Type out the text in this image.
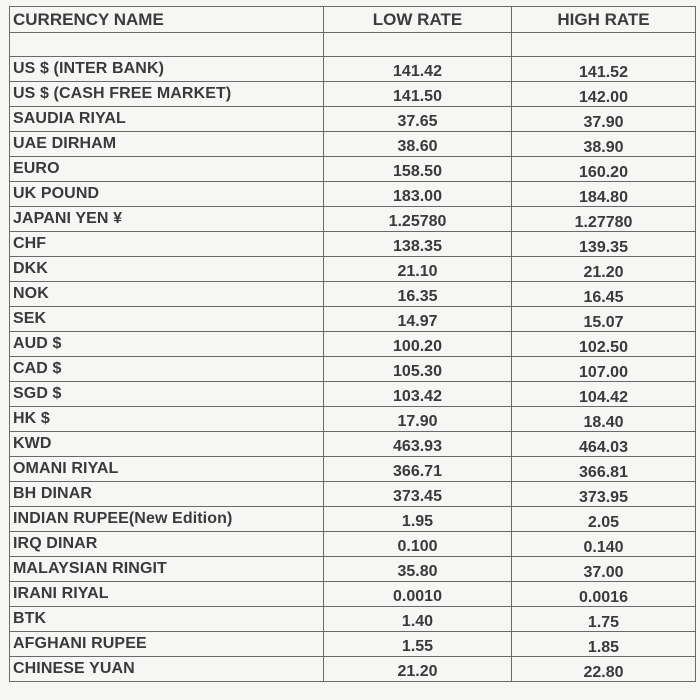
CURRENCY NAME	LOW RATE	HIGH RATE

US $ (INTER BANK)	141.42	141.52
US $ (CASH FREE MARKET)	141.50	142.00
SAUDIA RIYAL	37.65	37.90
UAE DIRHAM	38.60	38.90
EURO	158.50	160.20
UK POUND	183.00	184.80
JAPANI YEN ¥	1.25780	1.27780
CHF	138.35	139.35
DKK	21.10	21.20
NOK	16.35	16.45
SEK	14.97	15.07
AUD $	100.20	102.50
CAD $	105.30	107.00
SGD $	103.42	104.42
HK $	17.90	18.40
KWD	463.93	464.03
OMANI RIYAL	366.71	366.81
BH DINAR	373.45	373.95
INDIAN RUPEE(New Edition)	1.95	2.05
IRQ DINAR	0.100	0.140
MALAYSIAN RINGIT	35.80	37.00
IRANI RIYAL	0.0010	0.0016
BTK	1.40	1.75
AFGHANI RUPEE	1.55	1.85
CHINESE YUAN	21.20	22.80
